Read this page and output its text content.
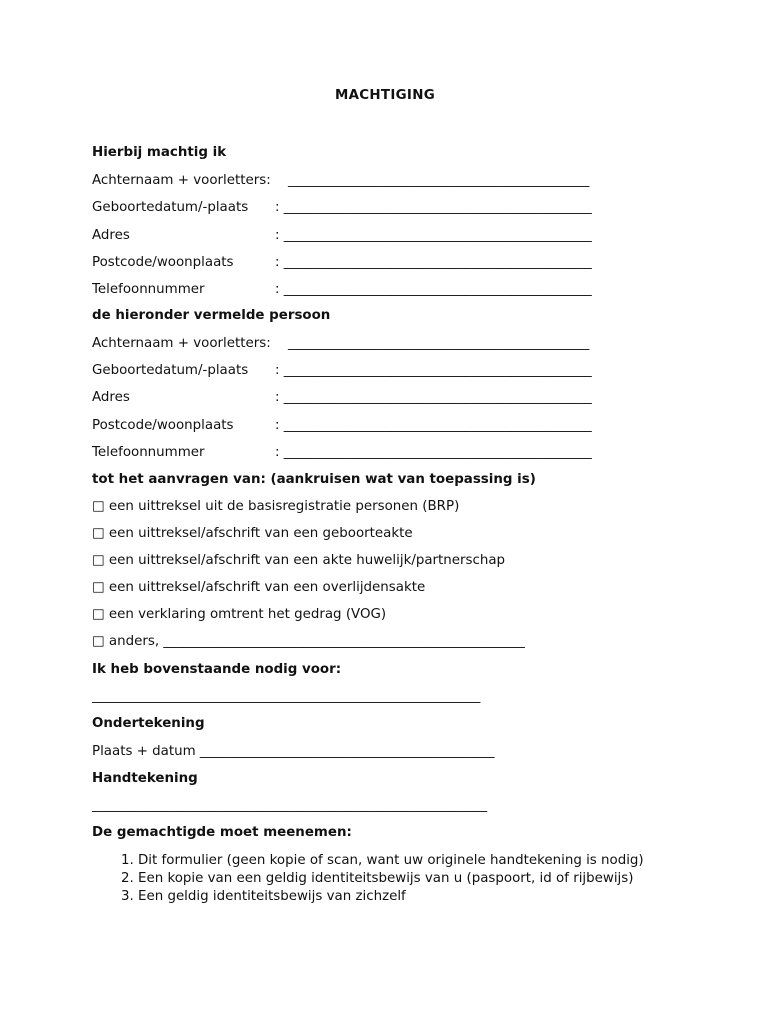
MACHTIGING
Hierbij machtig ik
Achternaam + voorletters: _____________________________________________
Geboortedatum/-plaats : ______________________________________________
Adres	: ______________________________________________
Postcode/woonplaats	: ______________________________________________
Telefoonnummer	: ______________________________________________
de hieronder vermelde persoon
Achternaam + voorletters: _____________________________________________
Geboortedatum/-plaats : ______________________________________________
Adres	: ______________________________________________
Postcode/woonplaats	: ______________________________________________
Telefoonnummer	: ______________________________________________
tot het aanvragen van: (aankruisen wat van toepassing is)
□ een uittreksel uit de basisregistratie personen (BRP)
□ een uittreksel/afschrift van een geboorteakte
□ een uittreksel/afschrift van een akte huwelijk/partnerschap
□ een uittreksel/afschrift van een overlijdensakte
□ een verklaring omtrent het gedrag (VOG)
□ anders, ______________________________________________________
Ik heb bovenstaande nodig voor:
__________________________________________________________
Ondertekening
Plaats + datum ____________________________________________
Handtekening
___________________________________________________________
De gemachtigde moet meenemen:
1. Dit formulier (geen kopie of scan, want uw originele handtekening is nodig)
2. Een kopie van een geldig identiteitsbewijs van u (paspoort, id of rijbewijs)
3. Een geldig identiteitsbewijs van zichzelf
